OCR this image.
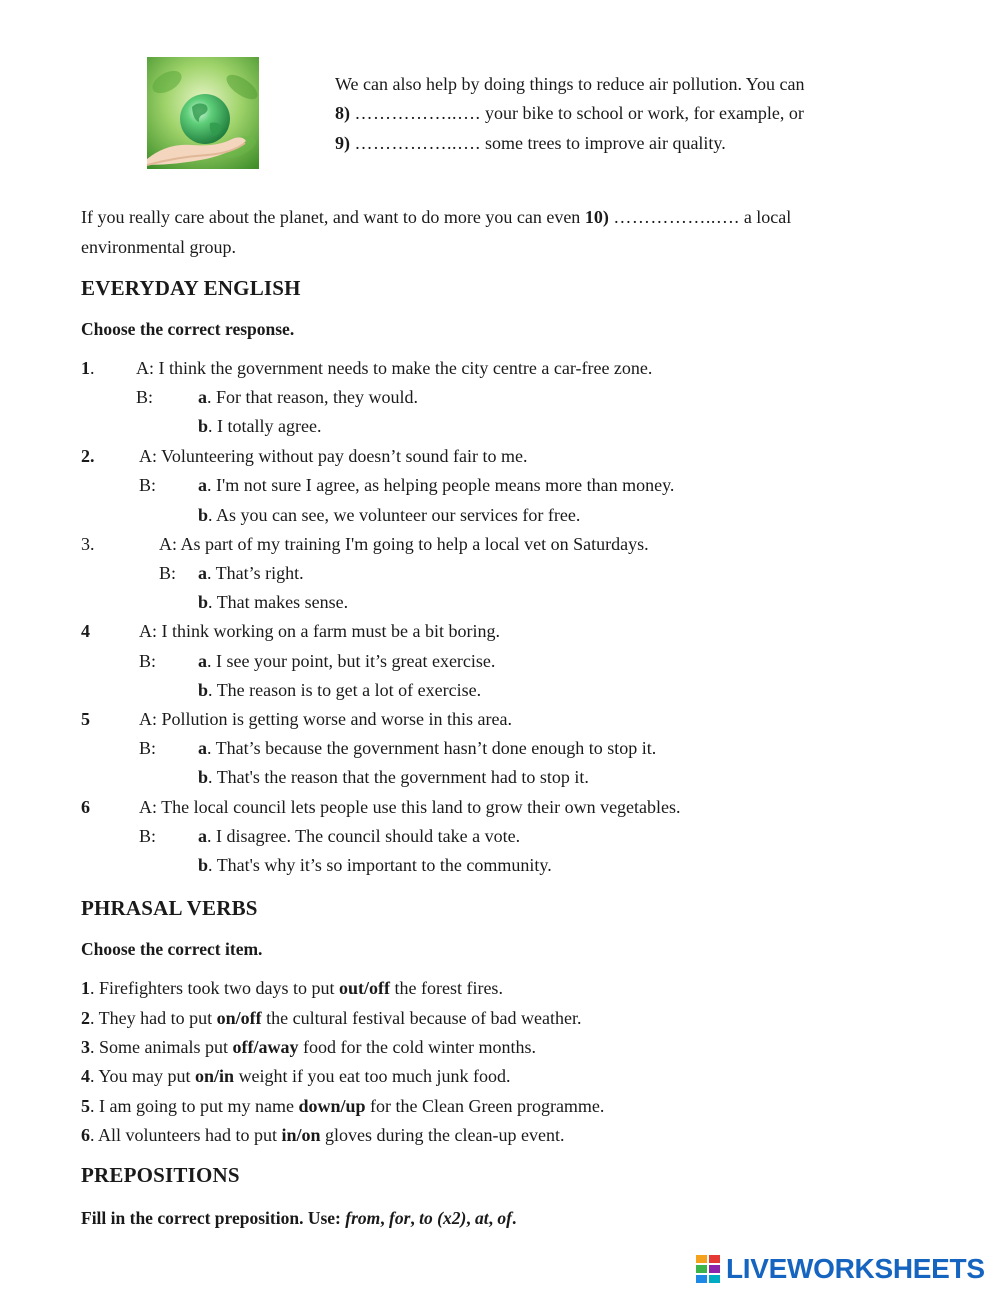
We can also help by doing things to reduce air pollution. You can
8) ……………..…. your bike to school or work, for example, or
9) ……………..…. some trees to improve air quality.
If you really care about the planet, and want to do more you can even 10) ……………..…. a local
environmental group.
EVERYDAY ENGLISH
Choose the correct response.
1. A: I think the government needs to make the city centre a car-free zone.
B: a. For that reason, they would.
b. I totally agree.
2. A: Volunteering without pay doesn’t sound fair to me.
B: a. I'm not sure I agree, as helping people means more than money.
b. As you can see, we volunteer our services for free.
3.	A: As part of my training I'm going to help a local vet on Saturdays.
B: a. That’s right.
b. That makes sense.
4	A: I think working on a farm must be a bit boring.
B: a. I see your point, but it’s great exercise.
b. The reason is to get a lot of exercise.
5	A: Pollution is getting worse and worse in this area.
B: a. That’s because the government hasn’t done enough to stop it.
b. That's the reason that the government had to stop it.
6	A: The local council lets people use this land to grow their own vegetables.
B: a. I disagree. The council should take a vote.
b. That's why it’s so important to the community.
PHRASAL VERBS
Choose the correct item.
1. Firefighters took two days to put out/off the forest fires.
2. They had to put on/off the cultural festival because of bad weather.
3. Some animals put off/away food for the cold winter months.
4. You may put on/in weight if you eat too much junk food.
5. I am going to put my name down/up for the Clean Green programme.
6. All volunteers had to put in/on gloves during the clean-up event.
PREPOSITIONS
Fill in the correct preposition. Use: from, for, to (x2), at, of.
LIVEWORKSHEETS
